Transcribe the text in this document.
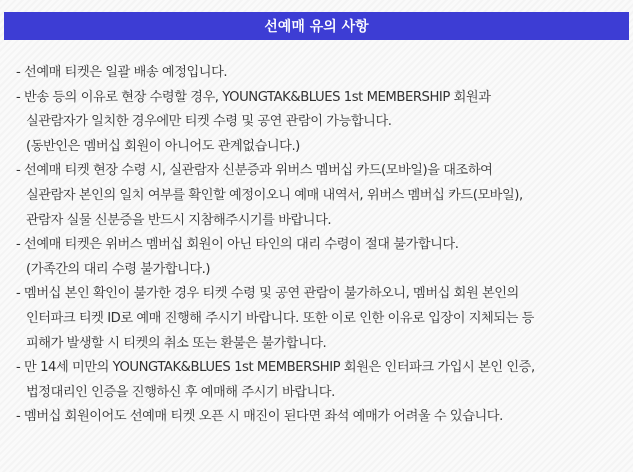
선예매 유의 사항
- 선예매 티켓은 일괄 배송 예정입니다.
- 반송 등의 이유로 현장 수령할 경우, YOUNGTAK&BLUES 1st MEMBERSHIP 회원과
실관람자가 일치한 경우에만 티켓 수령 및 공연 관람이 가능합니다.
(동반인은 멤버십 회원이 아니어도 관계없습니다.)
- 선예매 티켓 현장 수령 시, 실관람자 신분증과 위버스 멤버십 카드(모바일)을 대조하여
실관람자 본인의 일치 여부를 확인할 예정이오니 예매 내역서, 위버스 멤버십 카드(모바일),
관람자 실물 신분증을 반드시 지참해주시기를 바랍니다.
- 선예매 티켓은 위버스 멤버십 회원이 아닌 타인의 대리 수령이 절대 불가합니다.
(가족간의 대리 수령 불가합니다.)
- 멤버십 본인 확인이 불가한 경우 티켓 수령 및 공연 관람이 불가하오니, 멤버십 회원 본인의
인터파크 티켓 ID로 예매 진행해 주시기 바랍니다. 또한 이로 인한 이유로 입장이 지체되는 등
피해가 발생할 시 티켓의 취소 또는 환불은 불가합니다.
- 만 14세 미만의 YOUNGTAK&BLUES 1st MEMBERSHIP 회원은 인터파크 가입시 본인 인증,
법정대리인 인증을 진행하신 후 예매해 주시기 바랍니다.
- 멤버십 회원이어도 선예매 티켓 오픈 시 매진이 된다면 좌석 예매가 어려울 수 있습니다.
